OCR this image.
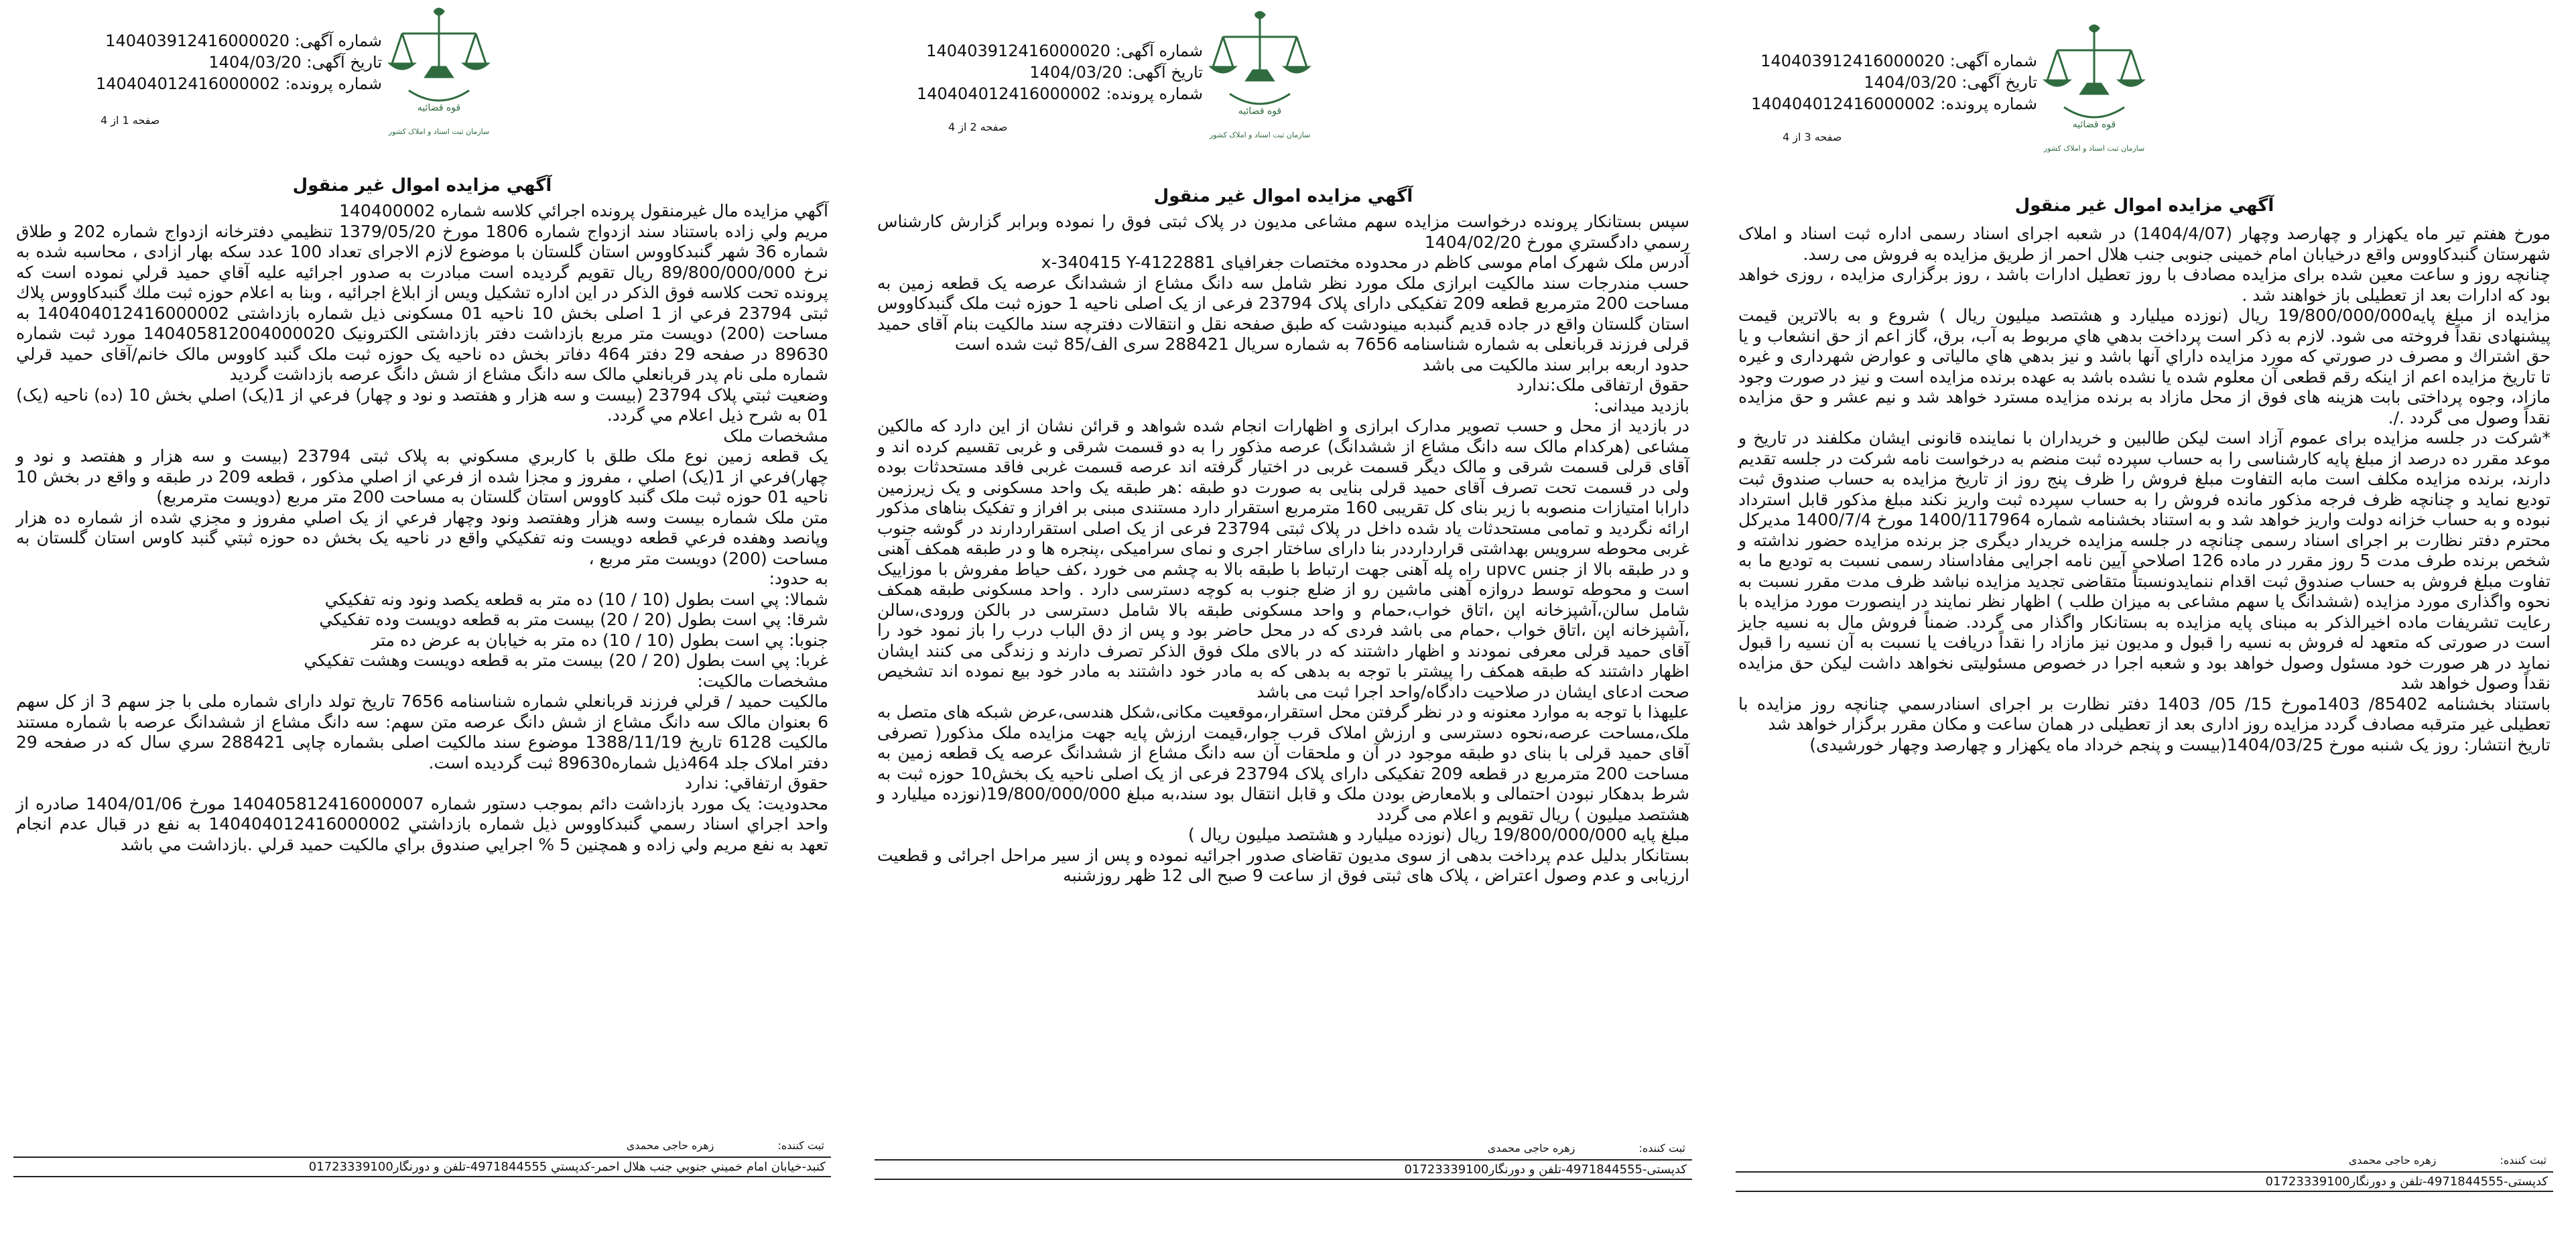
قوه قضائیه
سازمان ثبت اسناد و املاک کشور
شماره آگهی: 140403912416000020
تاریخ آگهی: 1404/03/20
شماره پرونده: 140404012416000002
صفحه 3 از 4
آگهي مزايده اموال غير منقول
مورخ هفتم تیر ماه یکهزار و چهارصد وچهار (1404/4/07) در شعبه اجرای اسناد رسمی اداره ثبت اسناد و املاک شهرستان گنبدکاووس واقع درخیابان امام خمینی جنوبی جنب هلال احمر از طریق مزایده به فروش می رسد.
چنانچه روز و ساعت معین شده برای مزایده مصادف با روز تعطیل ادارات باشد ، روز برگزاری مزایده ، روزی خواهد بود که ادارات بعد از تعطیلی باز خواهند شد .
مزایده از مبلغ پایه19/800/000/000 ريال (نوزده میلیارد و هشتصد میلیون ریال ) شروع و به بالاترین قیمت پیشنهادی نقداً فروخته می شود. لازم به ذکر است پرداخت بدهي هاي مربوط به آب، برق، گاز اعم از حق انشعاب و یا حق اشتراك و مصرف در صورتي كه مورد مزايده داراي آنها باشد و نيز بدهي هاي مالیاتی و عوارض شهرداری و غیره تا تاریخ مزایده اعم از اینکه رقم قطعی آن معلوم شده یا نشده باشد به عهده برنده مزایده است و نیز در صورت وجود مازاد، وجوه پرداختی بابت هزینه های فوق از محل مازاد به برنده مزایده مسترد خواهد شد و نیم عشر و حق مزایده نقداً وصول می گردد ./.
*شرکت در جلسه مزایده برای عموم آزاد است لیکن طالبین و خریداران با نماینده قانونی ایشان مکلفند در تاریخ و موعد مقرر ده درصد از مبلغ پایه کارشناسی را به حساب سپرده ثبت منضم به درخواست نامه شرکت در جلسه تقدیم دارند، برنده مزایده مکلف است مابه التفاوت مبلغ فروش را ظرف پنج روز از تاریخ مزایده به حساب صندوق ثبت تودیع نماید و چنانچه ظرف فرجه مذکور مانده فروش را به حساب سپرده ثبت واریز نکند مبلغ مذکور قابل استرداد نبوده و به حساب خزانه دولت واریز خواهد شد و به استناد بخشنامه شماره 1400/117964 مورخ 1400/7/4 مدیرکل محترم دفتر نظارت بر اجرای اسناد رسمی چنانچه در جلسه مزایده خریدار دیگری جز برنده مزایده حضور نداشته و شخص برنده طرف مدت 5 روز مقرر در ماده 126 اصلاحی آیین نامه اجرایی مفاداسناد رسمی نسبت به تودیع ما به تفاوت مبلغ فروش به حساب صندوق ثبت اقدام ننمایدونسبتاً متقاضی تجدید مزایده نباشد ظرف مدت مقرر نسبت به نحوه واگذاری مورد مزایده (ششدانگ یا سهم مشاعی به میزان طلب ) اظهار نظر نمایند در اینصورت مورد مزایده با رعایت تشریفات ماده اخیرالذکر به مبنای پایه مزایده به بستانکار واگذار می گردد. ضمناً فروش مال به نسیه جایز است در صورتی که متعهد له فروش به نسیه را قبول و مدیون نیز مازاد را نقداً دریافت یا نسبت به آن نسیه را قبول نماید در هر صورت خود مسئول وصول خواهد بود و شعبه اجرا در خصوص مسئولیتی نخواهد داشت لیکن حق مزایده نقداً وصول خواهد شد
باستناد بخشنامه 85402/ 1403مورخ 15/ 05/ 1403 دفتر نظارت بر اجرای اسنادرسمي چنانچه روز مزایده با تعطیلی غیر مترقبه مصادف گردد مزایده روز اداری بعد از تعطیلی در همان ساعت و مکان مقرر برگزار خواهد شد
تاریخ انتشار: روز یک شنبه مورخ 1404/03/25(بیست و پنجم خرداد ماه یکهزار و چهارصد وچهار خورشیدی)
ثبت کننده: زهره حاجی محمدی
کدپستی-4971844555-تلفن و دورنگار01723339100
قوه قضائیه
سازمان ثبت اسناد و املاک کشور
شماره آگهی: 140403912416000020
تاریخ آگهی: 1404/03/20
شماره پرونده: 140404012416000002
صفحه 2 از 4
آگهي مزايده اموال غير منقول
سپس بستانکار پرونده درخواست مزایده سهم مشاعی مدیون در پلاک ثبتی فوق را نموده وبرابر گزارش کارشناس رسمي دادگستري مورخ 1404/02/20
آدرس ملک شهرک امام موسی کاظم در محدوده مختصات جغرافیای x-340415 Y-4122881
حسب مندرجات سند مالکیت ابرازی ملک مورد نظر شامل سه دانگ مشاع از ششدانگ عرصه یک قطعه زمین به مساحت 200 مترمربع قطعه 209 تفکیکی دارای پلاک 23794 فرعی از یک اصلی ناحیه 1 حوزه ثبت ملک گنبدکاووس استان گلستان واقع در جاده قدیم گنبدبه مینودشت که طبق صفحه نقل و انتقالات دفترچه سند مالکیت بنام آقای حمید قرلی فرزند قربانعلی به شماره شناسنامه 7656 به شماره سریال 288421 سری الف/85 ثبت شده است
حدود اربعه برابر سند مالکیت می باشد
حقوق ارتفاقی ملک:ندارد
بازدید میدانی:
در بازدید از محل و حسب تصویر مدارک ابرازی و اظهارات انجام شده شواهد و قرائن نشان از این دارد که مالکین مشاعی (هرکدام مالک سه دانگ مشاع از ششدانگ) عرصه مذکور را به دو قسمت شرقی و غربی تقسیم کرده اند و آقای قرلی قسمت شرقی و مالک دیگر قسمت غربی در اختیار گرفته اند عرصه قسمت غربی فاقد مستحدثات بوده ولی در قسمت تحت تصرف آقای حمید قرلی بنایی به صورت دو طبقه :هر طبقه یک واحد مسکونی و یک زیرزمین دارابا امتیازات منصوبه با زیر بنای کل تقریبی 160 مترمربع استقرار دارد مستندی مبنی بر افراز و تفکیک بناهای مذکور ارائه نگردید و تمامی مستحدثات یاد شده داخل در پلاک ثبتی 23794 فرعی از یک اصلی استقراردارند در گوشه جنوب غربی محوطه سرویس بهداشتی قراردارددر بنا دارای ساختار اجری و نمای سرامیکی ،پنجره ها و در طبقه همکف آهنی و در طبقه بالا از جنس upvc راه پله آهنی جهت ارتباط با طبقه بالا به چشم می خورد ،کف حیاط مفروش با موزاییک است و محوطه توسط دروازه آهنی ماشین رو از ضلع جنوب به کوچه دسترسی دارد . واحد مسکونی طبقه همکف شامل سالن،آشپزخانه اپن ،اتاق خواب،حمام و واحد مسکونی طبقه بالا شامل دسترسی در بالکن ورودی،سالن ،آشپزخانه اپن ،اتاق خواب ،حمام می باشد فردی که در محل حاضر بود و پس از دق الباب درب را باز نمود خود را آقای حمید قرلی معرفی نمودند و اظهار داشتند که در بالای ملک فوق الذکر تصرف دارند و زندگی می کنند ایشان اظهار داشتند که طبقه همکف را پیشتر با توجه به بدهی که به مادر خود داشتند به مادر خود بیع نموده اند تشخیص صحت ادعای ایشان در صلاحیت دادگاه/واحد اجرا ثبت می باشد
علیهذا با توجه به موارد معنونه و در نظر گرفتن محل استقرار،موقعیت مکانی،شکل هندسی،عرض شبکه های متصل به ملک،مساحت عرصه،نحوه دسترسی و ارزش املاک قرب جوار،قیمت ارزش پایه جهت مزایده ملک مذکور( تصرفی آقای حمید قرلی با بنای دو طبقه موجود در آن و ملحقات آن سه دانگ مشاع از ششدانگ عرصه یک قطعه زمین به مساحت 200 مترمربع در قطعه 209 تفکیکی دارای پلاک 23794 فرعی از یک اصلی ناحیه یک بخش10 حوزه ثبت به شرط بدهکار نبودن احتمالی و بلامعارض بودن ملک و قابل انتقال بود سند،به مبلغ 19/800/000/000(نوزده میلیارد و هشتصد میلیون ) ریال تقویم و اعلام می گردد
مبلغ پایه 19/800/000/000 ریال (نوزده میلیارد و هشتصد میلیون ریال )
بستانکار بدلیل عدم پرداخت بدهی از سوی مدیون تقاضای صدور اجرائیه نموده و پس از سیر مراحل اجرائی و قطعیت ارزیابی و عدم وصول اعتراض ، پلاک های ثبتی فوق از ساعت 9 صبح الی 12 ظهر روزشنبه
ثبت کننده: زهره حاجی محمدی
کدپستی-4971844555-تلفن و دورنگار01723339100
قوه قضائیه
سازمان ثبت اسناد و املاک کشور
شماره آگهی: 140403912416000020
تاریخ آگهی: 1404/03/20
شماره پرونده: 140404012416000002
صفحه 1 از 4
آگهي مزايده اموال غير منقول
آگهي مزايده مال غيرمنقول پرونده اجرائي كلاسه شماره 140400002
مريم ولي زاده باستناد سند ازدواج شماره 1806 مورخ 1379/05/20 تنظيمي دفترخانه ازدواج شماره 202 و طلاق شماره 36 شهر گنبدکاووس استان گلستان با موضوع لازم الاجرای تعداد 100 عدد سکه بهار ازادی ، محاسبه شده به نرخ 89/800/000/000 ريال تقويم گرديده است مبادرت به صدور اجرائيه عليه آقاي حميد قرلي نموده است که پرونده تحت كلاسه فوق الذكر در اين اداره تشكيل ويس از ابلاغ اجرائيه ، وبنا به اعلام حوزه ثبت ملك گنبدكاووس پلاك ثبتی 23794 فرعي از 1 اصلی بخش 10 ناحيه 01 مسکونی ذيل شماره بازداشتی 140404012416000002 به مساحت (200) دويست متر مربع بازداشت دفتر بازداشتی الکترونیک 140405812004000020 مورد ثبت شماره 89630 در صفحه 29 دفتر 464 دفاتر بخش ده ناحيه يک حوزه ثبت ملک گنبد کاووس مالک خانم/آقای حميد قرلي شماره ملی نام پدر قربانعلي مالک سه دانگ مشاع از شش دانگ عرصه بازداشت گرديد
وضعيت ثبتي پلاک 23794 (بيست و سه هزار و هفتصد و نود و چهار) فرعي از 1(يک) اصلي بخش 10 (ده) ناحيه (يک) 01 به شرح ذيل اعلام مي گردد.
مشخصات ملک
يک قطعه زمين نوع ملک طلق با کاربري مسکوني به پلاک ثبتی 23794 (بيست و سه هزار و هفتصد و نود و چهار)فرعي از 1(يک) اصلي ، مفروز و مجزا شده از فرعي از اصلي مذکور ، قطعه 209 در طبقه و واقع در بخش 10 ناحيه 01 حوزه ثبت ملک گنبد کاووس استان گلستان به مساحت 200 متر مربع (دويست مترمربع)
متن ملک شماره بيست وسه هزار وهفتصد ونود وچهار فرعي از يک اصلي مفروز و مجزي شده از شماره ده هزار وپانصد وهفده فرعي قطعه دويست ونه تفکيکي واقع در ناحيه يک بخش ده حوزه ثبتي گنبد کاوس استان گلستان به مساحت (200) دويست متر مربع ،
به حدود:
شمالا: پي است بطول (10 / 10) ده متر به قطعه يکصد ونود ونه تفکيکي
شرقا: پي است بطول (20 / 20) بيست متر به قطعه دويست وده تفکيکي
جنوبا: پي است بطول (10 / 10) ده متر به خيابان به عرض ده متر
غربا: پي است بطول (20 / 20) بيست متر به قطعه دويست وهشت تفکيکي
مشخصات مالکيت:
مالکيت حميد / قرلي فرزند قربانعلي شماره شناسنامه 7656 تاريخ تولد دارای شماره ملی با جز سهم 3 از کل سهم 6 بعنوان مالک سه دانگ مشاع از شش دانگ عرصه متن سهم: سه دانگ مشاع از ششدانگ عرصه با شماره مستند مالکيت 6128 تاريخ 1388/11/19 موضوع سند مالکيت اصلی بشماره چاپی 288421 سري سال که در صفحه 29 دفتر املاک جلد 464ذيل شماره89630 ثبت گرديده است.
حقوق ارتفاقي: ندارد
محدوديت: يک مورد بازداشت دائم بموجب دستور شماره 140405812416000007 مورخ 1404/01/06 صادره از واحد اجراي اسناد رسمي گنبدکاووس ذيل شماره بازداشتي 140404012416000002 به نفع در قبال عدم انجام تعهد به نفع مريم ولي زاده و همچنين 5 % اجرايي صندوق براي مالکيت حميد قرلي .بازداشت مي باشد
ثبت کننده: زهره حاجی محمدی
كنبد-خيابان امام خميني جنوبي جنب هلال احمر-كدپستي 4971844555-تلفن و دورنگار01723339100
